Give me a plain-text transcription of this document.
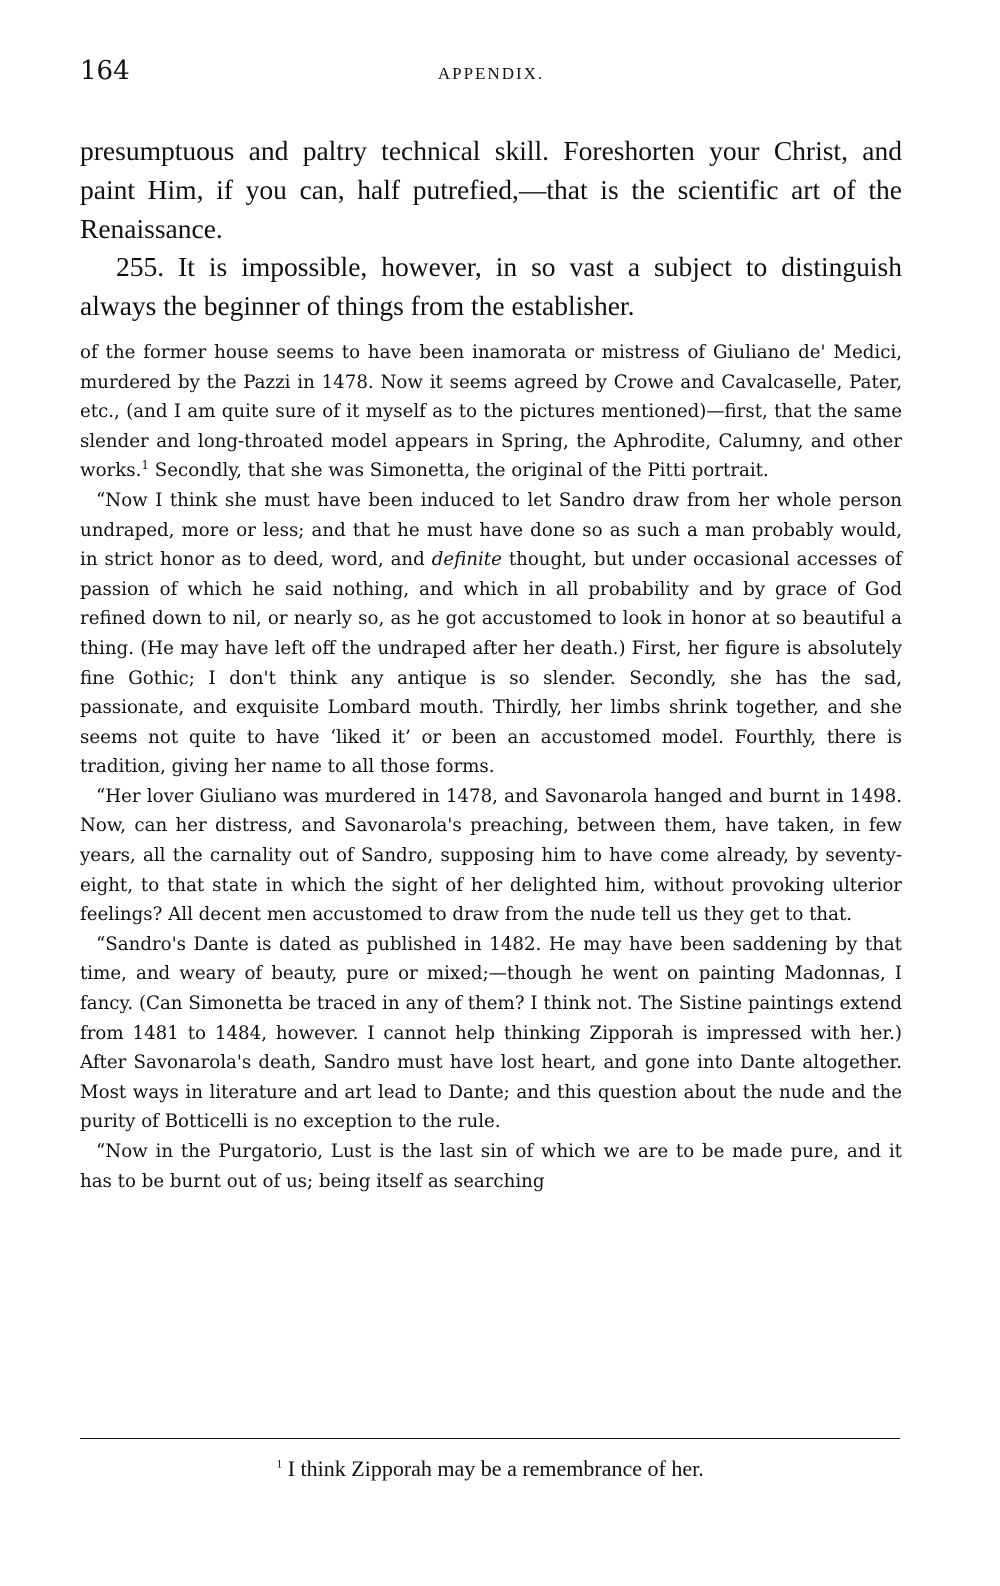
164	APPENDIX.

presumptuous and paltry technical skill. Foreshorten your Christ, and paint Him, if you can, half putrefied,—that is the scientific art of the Renaissance.

255. It is impossible, however, in so vast a subject to distinguish always the beginner of things from the establisher.

of the former house seems to have been inamorata or mistress of Giuliano de' Medici, murdered by the Pazzi in 1478. Now it seems agreed by Crowe and Cavalcaselle, Pater, etc., (and I am quite sure of it myself as to the pictures mentioned)—first, that the same slender and long-throated model appears in Spring, the Aphrodite, Calumny, and other works.$^1$ Secondly, that she was Simonetta, the original of the Pitti portrait.

“Now I think she must have been induced to let Sandro draw from her whole person undraped, more or less; and that he must have done so as such a man probably would, in strict honor as to deed, word, and definite thought, but under occasional accesses of passion of which he said nothing, and which in all probability and by grace of God refined down to nil, or nearly so, as he got accustomed to look in honor at so beautiful a thing. (He may have left off the undraped after her death.) First, her figure is absolutely fine Gothic; I don't think any antique is so slender. Secondly, she has the sad, passionate, and exquisite Lombard mouth. Thirdly, her limbs shrink together, and she seems not quite to have ‘liked it’ or been an accustomed model. Fourthly, there is tradition, giving her name to all those forms.

“Her lover Giuliano was murdered in 1478, and Savonarola hanged and burnt in 1498. Now, can her distress, and Savonarola's preaching, between them, have taken, in few years, all the carnality out of Sandro, supposing him to have come already, by seventy-eight, to that state in which the sight of her delighted him, without provoking ulterior feelings? All decent men accustomed to draw from the nude tell us they get to that.

“Sandro's Dante is dated as published in 1482. He may have been saddening by that time, and weary of beauty, pure or mixed;—though he went on painting Madonnas, I fancy. (Can Simonetta be traced in any of them? I think not. The Sistine paintings extend from 1481 to 1484, however. I cannot help thinking Zipporah is impressed with her.) After Savonarola's death, Sandro must have lost heart, and gone into Dante altogether. Most ways in literature and art lead to Dante; and this question about the nude and the purity of Botticelli is no exception to the rule.

“Now in the Purgatorio, Lust is the last sin of which we are to be made pure, and it has to be burnt out of us; being itself as searching

$^1$ I think Zipporah may be a remembrance of her.
